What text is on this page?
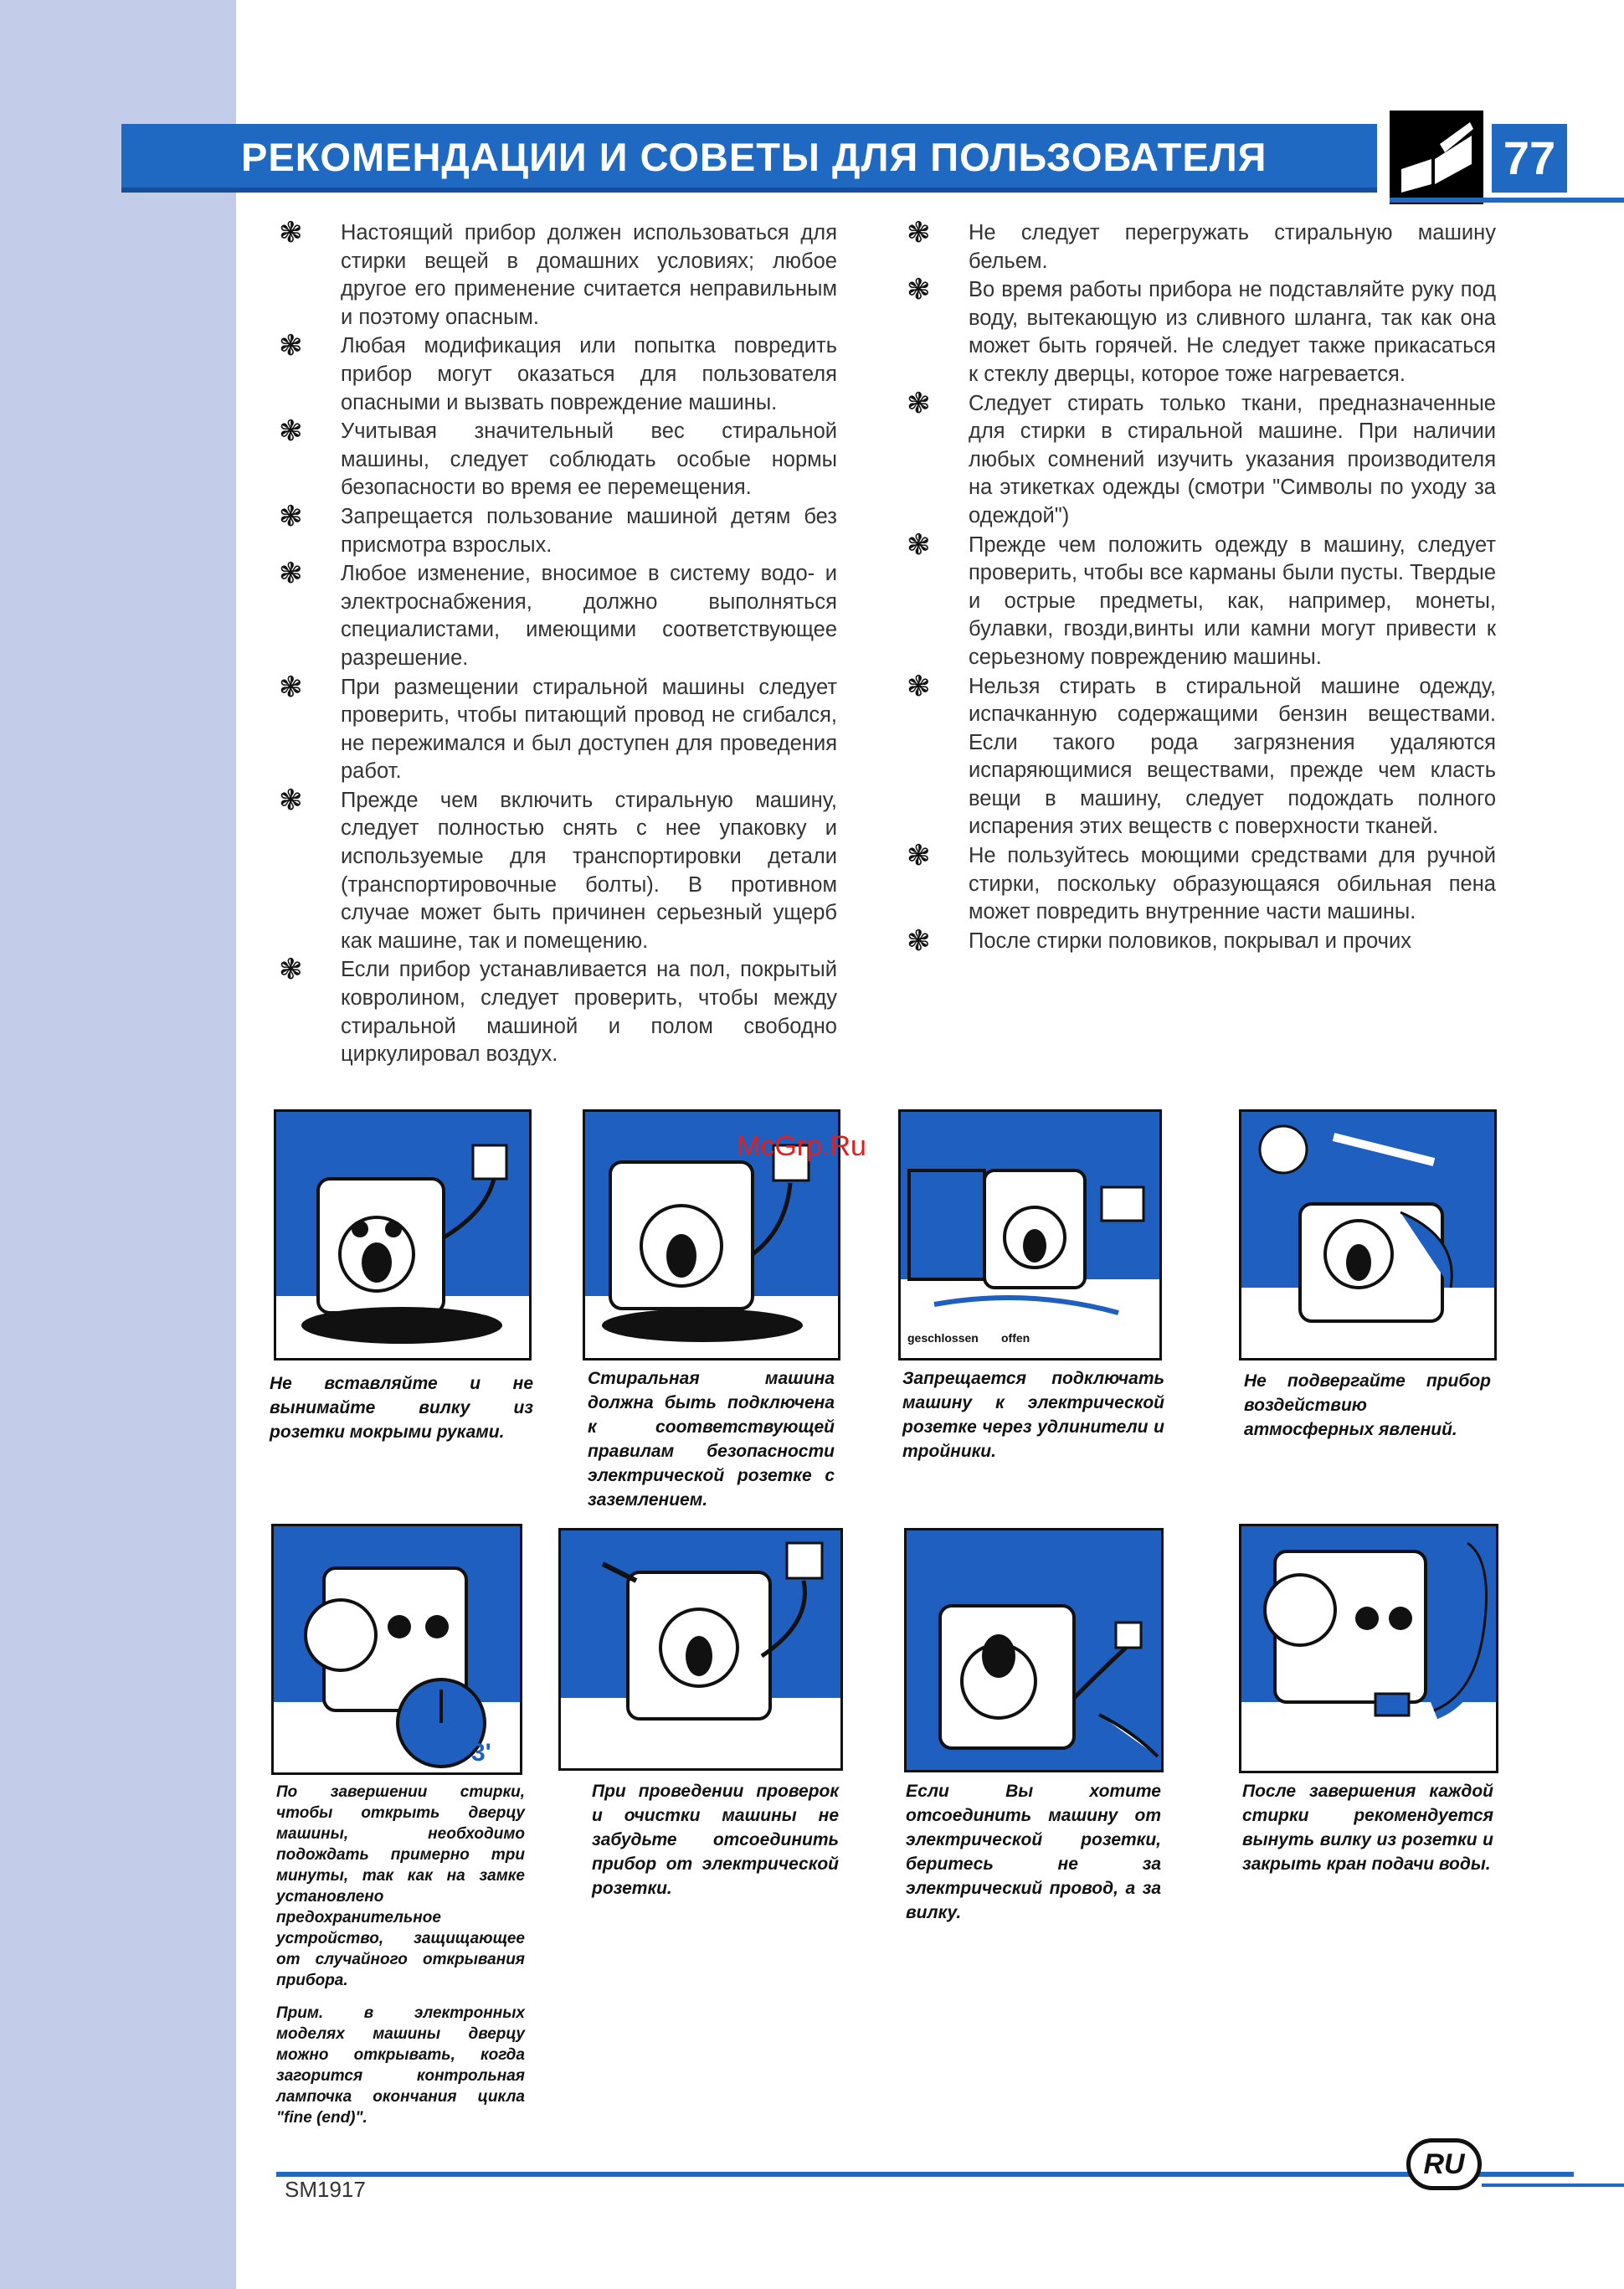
РЕКОМЕНДАЦИИ И СОВЕТЫ ДЛЯ ПОЛЬЗОВАТЕЛЯ	77
❃ Настоящий прибор должен использоваться для стирки вещей в домашних условиях; любое другое его применение считается неправильным и поэтому опасным.
❃ Любая модификация или попытка повредить прибор могут оказаться для пользователя опасными и вызвать повреждение машины.
❃ Учитывая значительный вес стиральной машины, следует соблюдать особые нормы безопасности во время ее перемещения.
❃ Запрещается пользование машиной детям без присмотра взрослых.
❃ Любое изменение, вносимое в систему водо- и электроснабжения, должно выполняться специалистами, имеющими соответствующее разрешение.
❃ При размещении стиральной машины следует проверить, чтобы питающий провод не сгибался, не пережимался и был доступен для проведения работ.
❃ Прежде чем включить стиральную машину, следует полностью снять с нее упаковку и используемые для транспортировки детали (транспортировочные болты). В противном случае может быть причинен серьезный ущерб как машине, так и помещению.
❃ Если прибор устанавливается на пол, покрытый ковролином, следует проверить, чтобы между стиральной машиной и полом свободно циркулировал воздух.
❃ Не следует перегружать стиральную машину бельем.
❃ Во время работы прибора не подставляйте руку под воду, вытекающую из сливного шланга, так как она может быть горячей. Не следует также прикасаться к стеклу дверцы, которое тоже нагревается.
❃ Следует стирать только ткани, предназначенные для стирки в стиральной машине. При наличии любых сомнений изучить указания производителя на этикетках одежды (смотри "Символы по уходу за одеждой")
❃ Прежде чем положить одежду в машину, следует проверить, чтобы все карманы были пусты. Твердые и острые предметы, как, например, монеты, булавки, гвозди,винты или камни могут привести к серьезному повреждению машины.
❃ Нельзя стирать в стиральной машине одежду, испачканную содержащими бензин веществами. Если такого рода загрязнения удаляются испаряющимися веществами, прежде чем класть вещи в машину, следует подождать полного испарения этих веществ с поверхности тканей.
❃ Не пользуйтесь моющими средствами для ручной стирки, поскольку образующаяся обильная пена может повредить внутренние части машины.
❃ После стирки половиков, покрывал и прочих
geschlossen offen
McGrp.Ru
Не вставляйте и не вынимайте вилку из розетки мокрыми руками.
Стиральная машина должна быть подключена к соответствующей правилам безопасности электрической розетке с заземлением.
Запрещается подключать машину к электрической розетке через удлинители и тройники.
Не подвергайте прибор воздействию атмосферных явлений.
3'
По завершении стирки, чтобы открыть дверцу машины, необходимо подождать примерно три минуты, так как на замке установлено предохранительное устройство, защищающее от случайного открывания прибора.
Прим. в электронных моделях машины дверцу можно открывать, когда загорится контрольная лампочка окончания цикла "fine (end)".
При проведении проверок и очистки машины не забудьте отсоединить прибор от электрической розетки.
Если Вы хотите отсоединить машину от электрической розетки, беритесь не за электрический провод, а за вилку.
После завершения каждой стирки рекомендуется вынуть вилку из розетки и закрыть кран подачи воды.
RU
SM1917
